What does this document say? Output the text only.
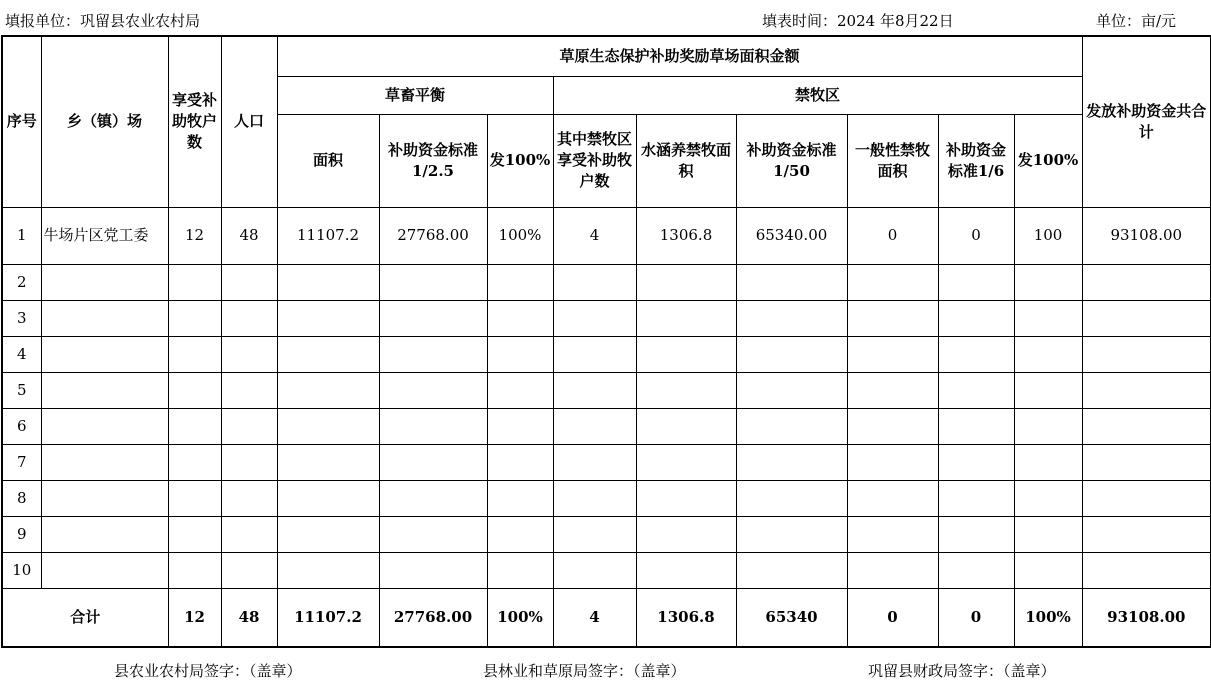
填报单位：巩留县农业农村局	填表时间：2024 年8月22日	单位：亩/元
序号	乡（镇）场	享受补助牧户数	人口	草原生态保护补助奖励草场面积金额									发放补助资金共合计
				草畜平衡			禁牧区						
				面积	补助资金标准1/2.5	发100%	其中禁牧区享受补助牧户数	水涵养禁牧面积	补助资金标准1/50	一般性禁牧面积	补助资金标准1/6	发100%	
1	牛场片区党工委	12	48	11107.2	27768.00	100%	4	1306.8	65340.00	0	0	100	93108.00
2													
3													
4													
5													
6													
7													
8													
9													
10													
合计		12	48	11107.2	27768.00	100%	4	1306.8	65340	0	0	100%	93108.00
县农业农村局签字：（盖章）	县林业和草原局签字：（盖章）	巩留县财政局签字：（盖章）
